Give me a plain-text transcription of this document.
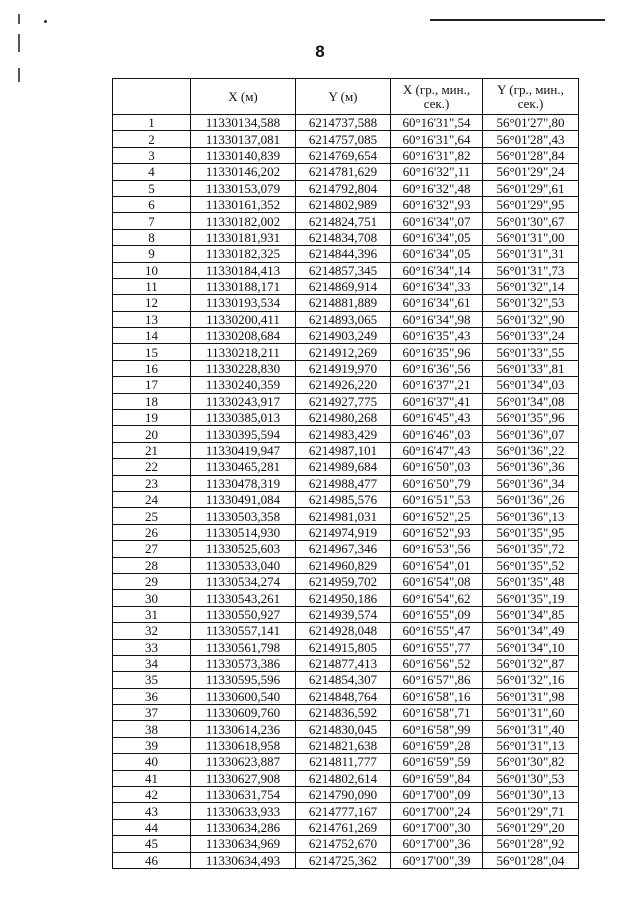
8
	X (м)	Y (м)	X (гр., мин., сек.)	Y (гр., мин., сек.)
1	11330134,588	6214737,588	60°16'31",54	56°01'27",80
2	11330137,081	6214757,085	60°16'31",64	56°01'28",43
3	11330140,839	6214769,654	60°16'31",82	56°01'28",84
4	11330146,202	6214781,629	60°16'32",11	56°01'29",24
5	11330153,079	6214792,804	60°16'32",48	56°01'29",61
6	11330161,352	6214802,989	60°16'32",93	56°01'29",95
7	11330182,002	6214824,751	60°16'34",07	56°01'30",67
8	11330181,931	6214834,708	60°16'34",05	56°01'31",00
9	11330182,325	6214844,396	60°16'34",05	56°01'31",31
10	11330184,413	6214857,345	60°16'34",14	56°01'31",73
11	11330188,171	6214869,914	60°16'34",33	56°01'32",14
12	11330193,534	6214881,889	60°16'34",61	56°01'32",53
13	11330200,411	6214893,065	60°16'34",98	56°01'32",90
14	11330208,684	6214903,249	60°16'35",43	56°01'33",24
15	11330218,211	6214912,269	60°16'35",96	56°01'33",55
16	11330228,830	6214919,970	60°16'36",56	56°01'33",81
17	11330240,359	6214926,220	60°16'37",21	56°01'34",03
18	11330243,917	6214927,775	60°16'37",41	56°01'34",08
19	11330385,013	6214980,268	60°16'45",43	56°01'35",96
20	11330395,594	6214983,429	60°16'46",03	56°01'36",07
21	11330419,947	6214987,101	60°16'47",43	56°01'36",22
22	11330465,281	6214989,684	60°16'50",03	56°01'36",36
23	11330478,319	6214988,477	60°16'50",79	56°01'36",34
24	11330491,084	6214985,576	60°16'51",53	56°01'36",26
25	11330503,358	6214981,031	60°16'52",25	56°01'36",13
26	11330514,930	6214974,919	60°16'52",93	56°01'35",95
27	11330525,603	6214967,346	60°16'53",56	56°01'35",72
28	11330533,040	6214960,829	60°16'54",01	56°01'35",52
29	11330534,274	6214959,702	60°16'54",08	56°01'35",48
30	11330543,261	6214950,186	60°16'54",62	56°01'35",19
31	11330550,927	6214939,574	60°16'55",09	56°01'34",85
32	11330557,141	6214928,048	60°16'55",47	56°01'34",49
33	11330561,798	6214915,805	60°16'55",77	56°01'34",10
34	11330573,386	6214877,413	60°16'56",52	56°01'32",87
35	11330595,596	6214854,307	60°16'57",86	56°01'32",16
36	11330600,540	6214848,764	60°16'58",16	56°01'31",98
37	11330609,760	6214836,592	60°16'58",71	56°01'31",60
38	11330614,236	6214830,045	60°16'58",99	56°01'31",40
39	11330618,958	6214821,638	60°16'59",28	56°01'31",13
40	11330623,887	6214811,777	60°16'59",59	56°01'30",82
41	11330627,908	6214802,614	60°16'59",84	56°01'30",53
42	11330631,754	6214790,090	60°17'00",09	56°01'30",13
43	11330633,933	6214777,167	60°17'00",24	56°01'29",71
44	11330634,286	6214761,269	60°17'00",30	56°01'29",20
45	11330634,969	6214752,670	60°17'00",36	56°01'28",92
46	11330634,493	6214725,362	60°17'00",39	56°01'28",04
